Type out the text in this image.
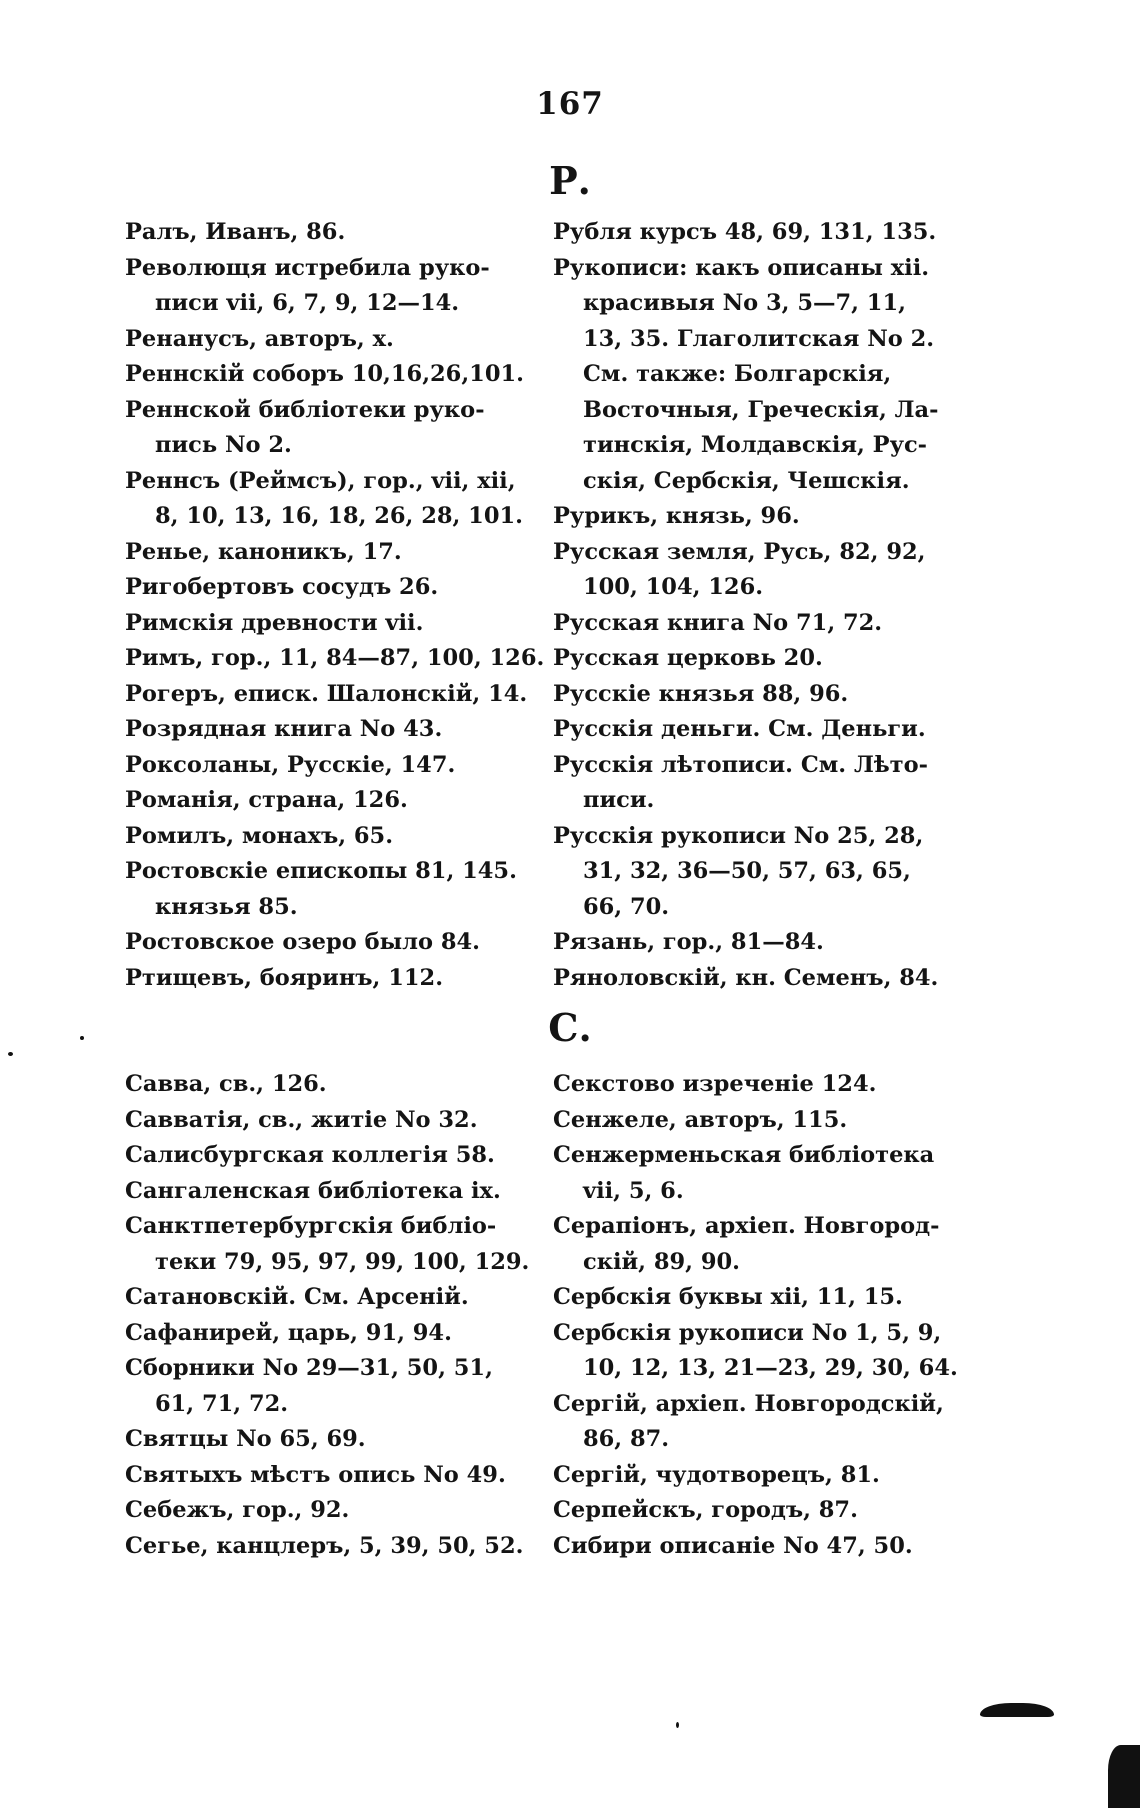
167
Р.
Ралъ, Иванъ, 86.
Револющя истребила руко-
писи vii, 6, 7, 9, 12—14.
Ренанусъ, авторъ, x.
Реннскій соборъ 10,16,26,101.
Реннской библіотеки руко-
пись No 2.
Реннсъ (Реймсъ), гор., vii, xii,
8, 10, 13, 16, 18, 26, 28, 101.
Реньe, каноникъ, 17.
Ригобертовъ сосудъ 26.
Римскія древности vii.
Римъ, гор., 11, 84—87, 100, 126.
Рогеръ, еписк. Шалонскій, 14.
Розрядная книга No 43.
Роксоланы, Русскіе, 147.
Романія, страна, 126.
Ромилъ, монахъ, 65.
Ростовскіе епископы 81, 145.
князья 85.
Ростовское озеро было 84.
Ртищевъ, бояринъ, 112.
Рубля курсъ 48, 69, 131, 135.
Рукописи: какъ описаны xii.
красивыя No 3, 5—7, 11,
13, 35. Глаголитская No 2.
См. также: Болгарскія,
Восточныя, Греческія, Ла-
тинскія, Молдавскія, Рус-
скія, Сербскія, Чешскія.
Рурикъ, князь, 96.
Русская земля, Русь, 82, 92,
100, 104, 126.
Русская книга No 71, 72.
Русская церковь 20.
Русскіе князья 88, 96.
Русскія деньги. См. Деньги.
Русскія лѣтописи. См. Лѣто-
писи.
Русскія рукописи No 25, 28,
31, 32, 36—50, 57, 63, 65,
66, 70.
Рязань, гор., 81—84.
Ряноловскій, кн. Семенъ, 84.
С.
Савва, св., 126.
Савватія, св., житіе No 32.
Салисбургская коллегія 58.
Сангаленская библіотека ix.
Санктпетербургскія библіо-
теки 79, 95, 97, 99, 100, 129.
Сатановскій. См. Арсеній.
Сафанирей, царь, 91, 94.
Сборники No 29—31, 50, 51,
61, 71, 72.
Святцы No 65, 69.
Святыхъ мѣстъ опись No 49.
Себежъ, гор., 92.
Сегье, канцлеръ, 5, 39, 50, 52.
Секстово изреченіе 124.
Сенжеле, авторъ, 115.
Сенжерменьская библіотека
vii, 5, 6.
Серапіонъ, архіеп. Новгород-
скій, 89, 90.
Сербскія буквы xii, 11, 15.
Сербскія рукописи No 1, 5, 9,
10, 12, 13, 21—23, 29, 30, 64.
Сергій, архіеп. Новгородскій,
86, 87.
Сергій, чудотворецъ, 81.
Серпейскъ, городъ, 87.
Сибири описаніе No 47, 50.
